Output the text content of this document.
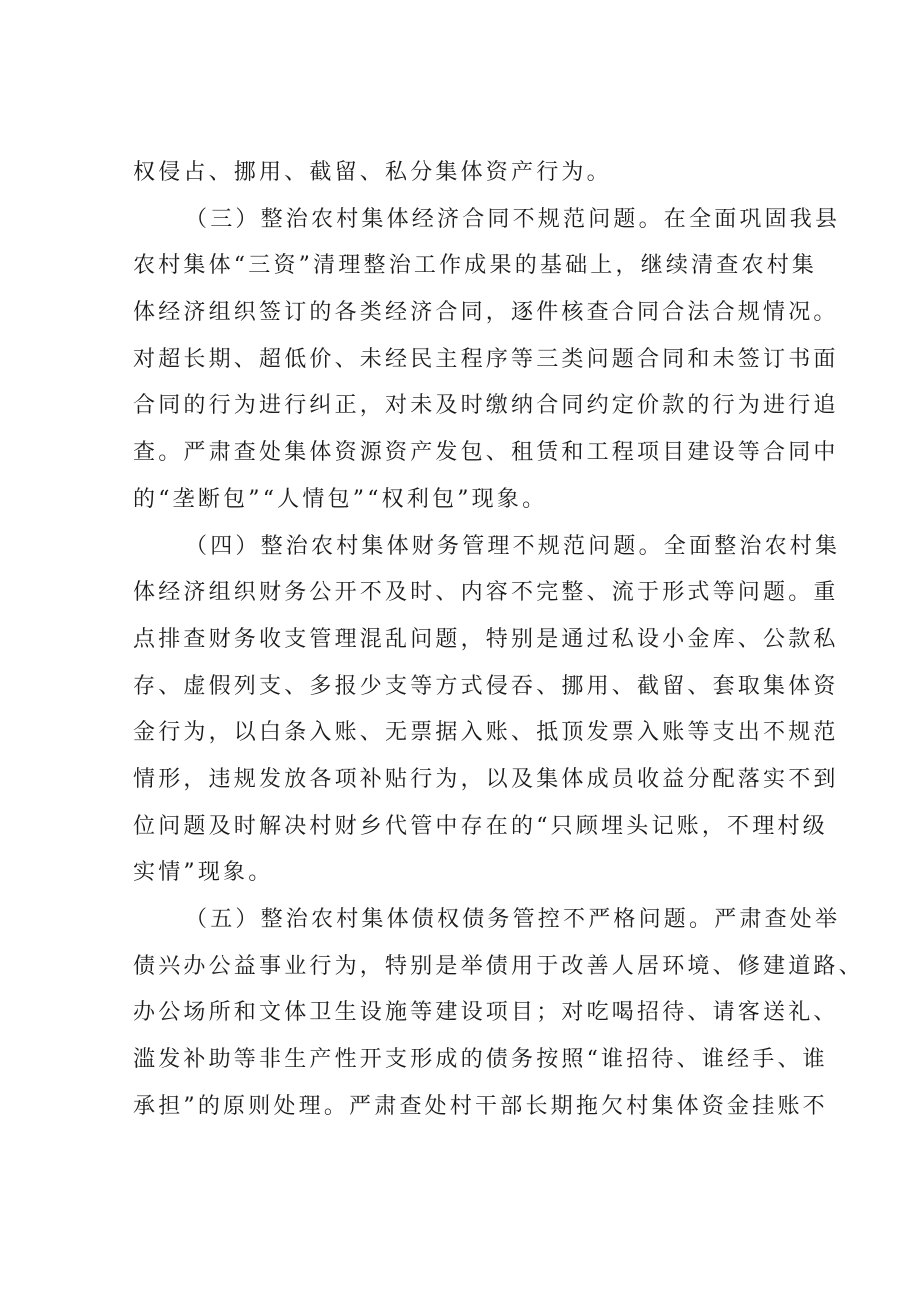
权侵占、挪用、截留、私分集体资产行为。
（三）整治农村集体经济合同不规范问题。在全面巩固我县
农村集体“三资”清理整治工作成果的基础上，继续清查农村集
体经济组织签订的各类经济合同，逐件核查合同合法合规情况。
对超长期、超低价、未经民主程序等三类问题合同和未签订书面
合同的行为进行纠正，对未及时缴纳合同约定价款的行为进行追
查。严肃查处集体资源资产发包、租赁和工程项目建设等合同中
的“垄断包”“人情包”“权利包”现象。
（四）整治农村集体财务管理不规范问题。全面整治农村集
体经济组织财务公开不及时、内容不完整、流于形式等问题。重
点排查财务收支管理混乱问题，特别是通过私设小金库、公款私
存、虚假列支、多报少支等方式侵吞、挪用、截留、套取集体资
金行为，以白条入账、无票据入账、抵顶发票入账等支出不规范
情形，违规发放各项补贴行为，以及集体成员收益分配落实不到
位问题及时解决村财乡代管中存在的“只顾埋头记账，不理村级
实情”现象。
（五）整治农村集体债权债务管控不严格问题。严肃查处举
债兴办公益事业行为，特别是举债用于改善人居环境、修建道路、
办公场所和文体卫生设施等建设项目；对吃喝招待、请客送礼、
滥发补助等非生产性开支形成的债务按照“谁招待、谁经手、谁
承担”的原则处理。严肃查处村干部长期拖欠村集体资金挂账不
